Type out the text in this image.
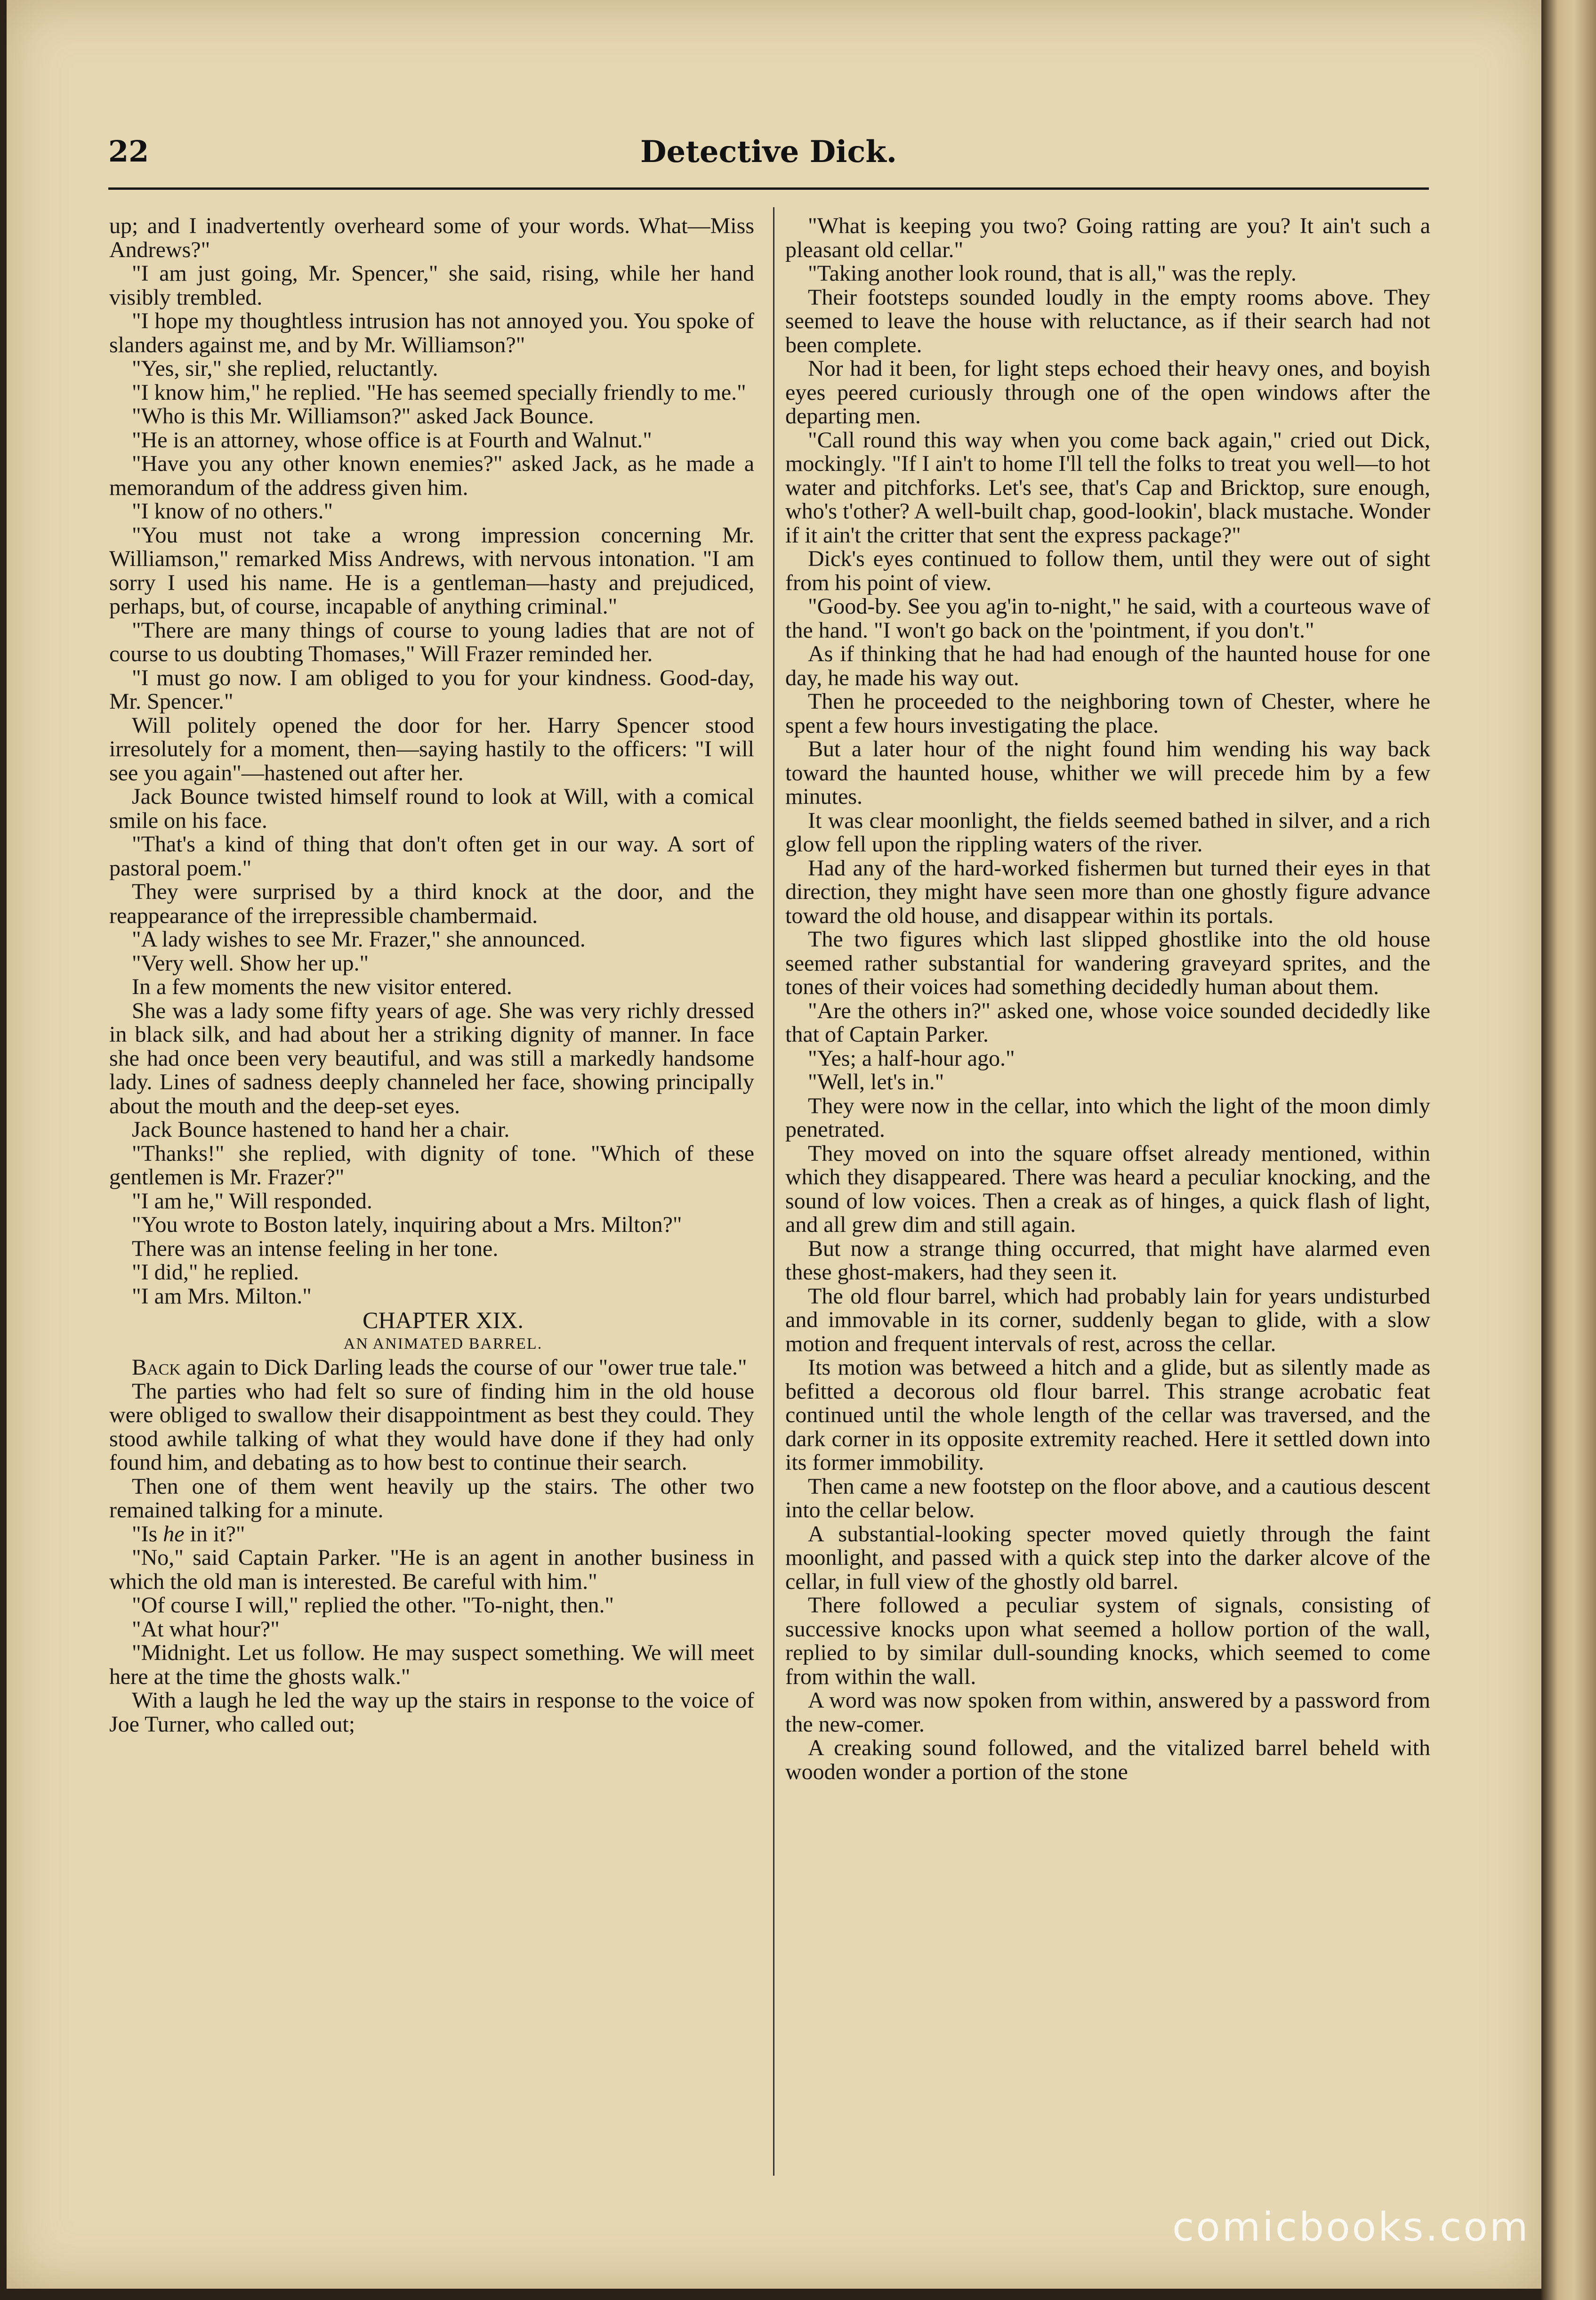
22	Detective Dick.

up; and I inadvertently overheard some of your words. What—Miss Andrews?"

"I am just going, Mr. Spencer," she said, rising, while her hand visibly trembled.

"I hope my thoughtless intrusion has not annoyed you. You spoke of slanders against me, and by Mr. Williamson?"

"Yes, sir," she replied, reluctantly.

"I know him," he replied. "He has seemed specially friendly to me."

"Who is this Mr. Williamson?" asked Jack Bounce.

"He is an attorney, whose office is at Fourth and Walnut."

"Have you any other known enemies?" asked Jack, as he made a memorandum of the address given him.

"I know of no others."

"You must not take a wrong impression concerning Mr. Williamson," remarked Miss Andrews, with nervous intonation. "I am sorry I used his name. He is a gentleman—hasty and prejudiced, perhaps, but, of course, incapable of anything criminal."

"There are many things of course to young ladies that are not of course to us doubting Thomases," Will Frazer reminded her.

"I must go now. I am obliged to you for your kindness. Good-day, Mr. Spencer."

Will politely opened the door for her. Harry Spencer stood irresolutely for a moment, then—saying hastily to the officers: "I will see you again"—hastened out after her.

Jack Bounce twisted himself round to look at Will, with a comical smile on his face.

"That's a kind of thing that don't often get in our way. A sort of pastoral poem."

They were surprised by a third knock at the door, and the reappearance of the irrepressible chambermaid.

"A lady wishes to see Mr. Frazer," she announced.

"Very well. Show her up."

In a few moments the new visitor entered.

She was a lady some fifty years of age. She was very richly dressed in black silk, and had about her a striking dignity of manner. In face she had once been very beautiful, and was still a markedly handsome lady. Lines of sadness deeply channeled her face, showing principally about the mouth and the deep-set eyes.

Jack Bounce hastened to hand her a chair.

"Thanks!" she replied, with dignity of tone. "Which of these gentlemen is Mr. Frazer?"

"I am he," Will responded.

"You wrote to Boston lately, inquiring about a Mrs. Milton?"

There was an intense feeling in her tone.

"I did," he replied.

"I am Mrs. Milton."

CHAPTER XIX.

AN ANIMATED BARREL.

Back again to Dick Darling leads the course of our "ower true tale."

The parties who had felt so sure of finding him in the old house were obliged to swallow their disappointment as best they could. They stood awhile talking of what they would have done if they had only found him, and debating as to how best to continue their search.

Then one of them went heavily up the stairs. The other two remained talking for a minute.

"Is he in it?"

"No," said Captain Parker. "He is an agent in another business in which the old man is interested. Be careful with him."

"Of course I will," replied the other. "To-night, then."

"At what hour?"

"Midnight. Let us follow. He may suspect something. We will meet here at the time the ghosts walk."

With a laugh he led the way up the stairs in response to the voice of Joe Turner, who called out;

"What is keeping you two? Going ratting are you? It ain't such a pleasant old cellar."

"Taking another look round, that is all," was the reply.

Their footsteps sounded loudly in the empty rooms above. They seemed to leave the house with reluctance, as if their search had not been complete.

Nor had it been, for light steps echoed their heavy ones, and boyish eyes peered curiously through one of the open windows after the departing men.

"Call round this way when you come back again," cried out Dick, mockingly. "If I ain't to home I'll tell the folks to treat you well—to hot water and pitchforks. Let's see, that's Cap and Bricktop, sure enough, who's t'other? A well-built chap, good-lookin', black mustache. Wonder if it ain't the critter that sent the express package?"

Dick's eyes continued to follow them, until they were out of sight from his point of view.

"Good-by. See you ag'in to-night," he said, with a courteous wave of the hand. "I won't go back on the 'pointment, if you don't."

As if thinking that he had had enough of the haunted house for one day, he made his way out.

Then he proceeded to the neighboring town of Chester, where he spent a few hours investigating the place.

But a later hour of the night found him wending his way back toward the haunted house, whither we will precede him by a few minutes.

It was clear moonlight, the fields seemed bathed in silver, and a rich glow fell upon the rippling waters of the river.

Had any of the hard-worked fishermen but turned their eyes in that direction, they might have seen more than one ghostly figure advance toward the old house, and disappear within its portals.

The two figures which last slipped ghostlike into the old house seemed rather substantial for wandering graveyard sprites, and the tones of their voices had something decidedly human about them.

"Are the others in?" asked one, whose voice sounded decidedly like that of Captain Parker.

"Yes; a half-hour ago."

"Well, let's in."

They were now in the cellar, into which the light of the moon dimly penetrated.

They moved on into the square offset already mentioned, within which they disappeared. There was heard a peculiar knocking, and the sound of low voices. Then a creak as of hinges, a quick flash of light, and all grew dim and still again.

But now a strange thing occurred, that might have alarmed even these ghost-makers, had they seen it.

The old flour barrel, which had probably lain for years undisturbed and immovable in its corner, suddenly began to glide, with a slow motion and frequent intervals of rest, across the cellar.

Its motion was betweed a hitch and a glide, but as silently made as befitted a decorous old flour barrel. This strange acrobatic feat continued until the whole length of the cellar was traversed, and the dark corner in its opposite extremity reached. Here it settled down into its former immobility.

Then came a new footstep on the floor above, and a cautious descent into the cellar below.

A substantial-looking specter moved quietly through the faint moonlight, and passed with a quick step into the darker alcove of the cellar, in full view of the ghostly old barrel.

There followed a peculiar system of signals, consisting of successive knocks upon what seemed a hollow portion of the wall, replied to by similar dull-sounding knocks, which seemed to come from within the wall.

A word was now spoken from within, answered by a password from the new-comer.

A creaking sound followed, and the vitalized barrel beheld with wooden wonder a portion of the stone

comicbooks.com
